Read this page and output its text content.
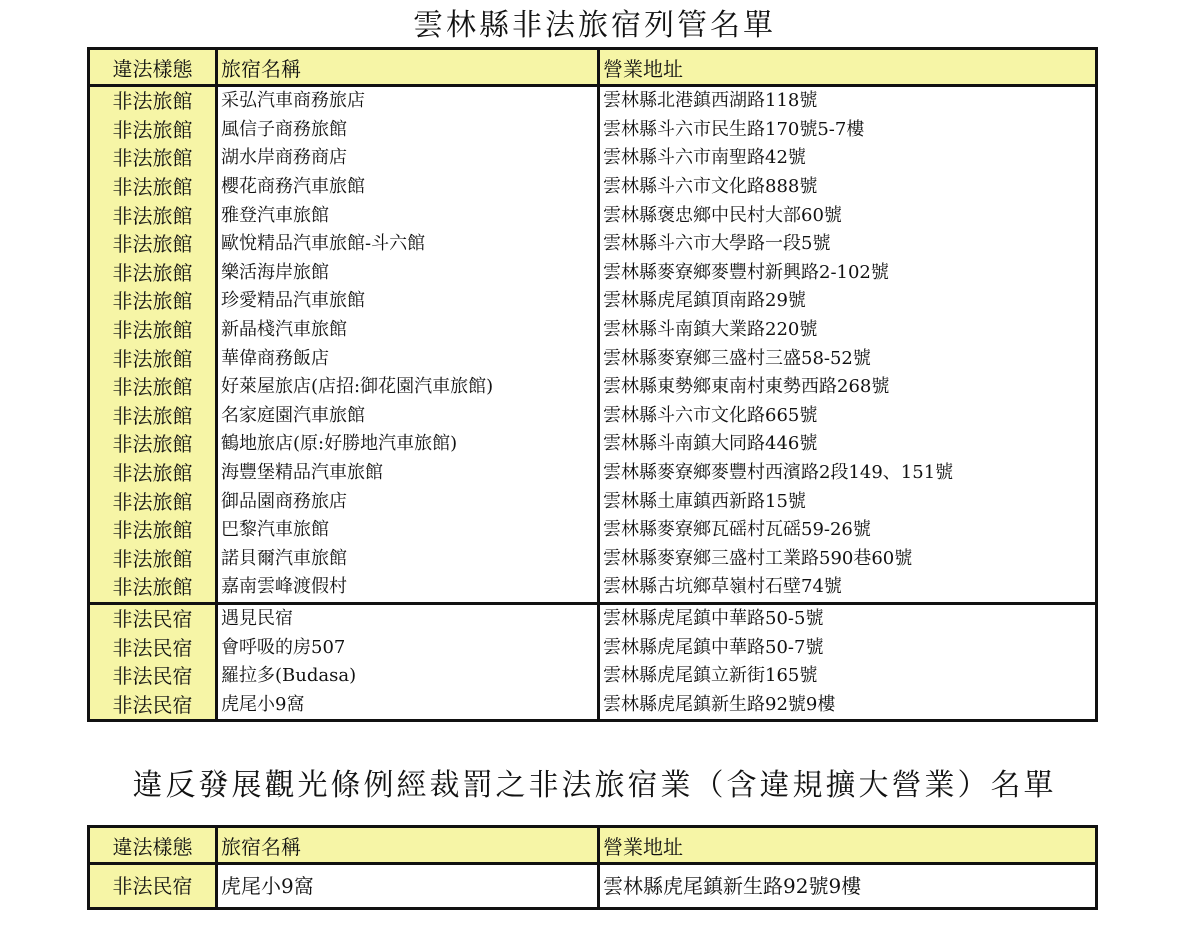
雲林縣非法旅宿列管名單
違法樣態	旅宿名稱	營業地址
非法旅館	采弘汽車商務旅店	雲林縣北港鎮西湖路118號
非法旅館	風信子商務旅館	雲林縣斗六市民生路170號5-7樓
非法旅館	湖水岸商務商店	雲林縣斗六市南聖路42號
非法旅館	櫻花商務汽車旅館	雲林縣斗六市文化路888號
非法旅館	雅登汽車旅館	雲林縣褒忠鄉中民村大部60號
非法旅館	歐悅精品汽車旅館-斗六館	雲林縣斗六市大學路一段5號
非法旅館	樂活海岸旅館	雲林縣麥寮鄉麥豐村新興路2-102號
非法旅館	珍愛精品汽車旅館	雲林縣虎尾鎮頂南路29號
非法旅館	新晶棧汽車旅館	雲林縣斗南鎮大業路220號
非法旅館	華偉商務飯店	雲林縣麥寮鄉三盛村三盛58-52號
非法旅館	好萊屋旅店(店招:御花園汽車旅館)	雲林縣東勢鄉東南村東勢西路268號
非法旅館	名家庭園汽車旅館	雲林縣斗六市文化路665號
非法旅館	鶴地旅店(原:好勝地汽車旅館)	雲林縣斗南鎮大同路446號
非法旅館	海豐堡精品汽車旅館	雲林縣麥寮鄉麥豐村西濱路2段149、151號
非法旅館	御品園商務旅店	雲林縣土庫鎮西新路15號
非法旅館	巴黎汽車旅館	雲林縣麥寮鄉瓦磘村瓦磘59-26號
非法旅館	諾貝爾汽車旅館	雲林縣麥寮鄉三盛村工業路590巷60號
非法旅館	嘉南雲峰渡假村	雲林縣古坑鄉草嶺村石壁74號
非法民宿	遇見民宿	雲林縣虎尾鎮中華路50-5號
非法民宿	會呼吸的房507	雲林縣虎尾鎮中華路50-7號
非法民宿	羅拉多(Budasa)	雲林縣虎尾鎮立新街165號
非法民宿	虎尾小9窩	雲林縣虎尾鎮新生路92號9樓
違反發展觀光條例經裁罰之非法旅宿業（含違規擴大營業）名單
違法樣態	旅宿名稱	營業地址
非法民宿	虎尾小9窩	雲林縣虎尾鎮新生路92號9樓
